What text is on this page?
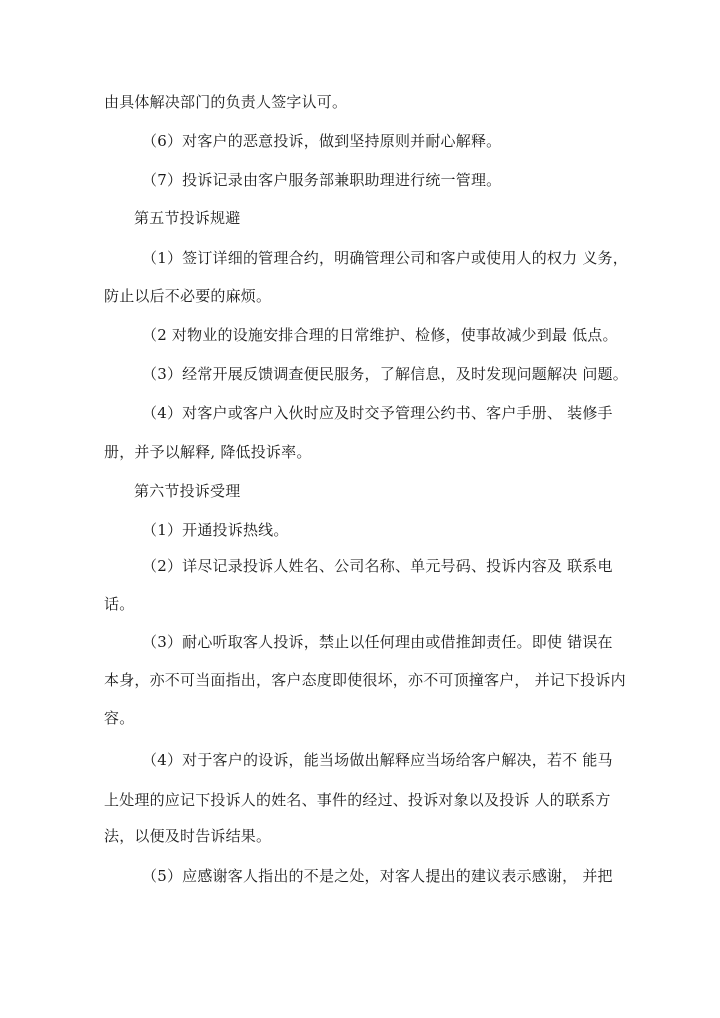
由具体解决部门的负责人签字认可。
（6）对客户的恶意投诉，做到坚持原则并耐心解释。
（7）投诉记录由客户服务部兼职助理进行统一管理。
第五节投诉规避
（1）签订详细的管理合约，明确管理公司和客户或使用人的权力 义务，
防止以后不必要的麻烦。
（2 对物业的设施安排合理的日常维护、检修，使事故减少到最 低点。
（3）经常开展反馈调查便民服务，了解信息，及时发现问题解决 问题。
（4）对客户或客户入伙时应及时交予管理公约书、客户手册、 装修手
册，并予以解释, 降低投诉率。
第六节投诉受理
（1）开通投诉热线。
（2）详尽记录投诉人姓名、公司名称、单元号码、投诉内容及 联系电
话。
（3）耐心听取客人投诉，禁止以任何理由或借推卸责任。即使 错误在
本身，亦不可当面指出，客户态度即使很坏，亦不可顶撞客户， 并记下投诉内
容。
（4）对于客户的设诉，能当场做出解释应当场给客户解决，若不 能马
上处理的应记下投诉人的姓名、事件的经过、投诉对象以及投诉 人的联系方
法，以便及时告诉结果。
（5）应感谢客人指出的不是之处，对客人提出的建议表示感谢， 并把
